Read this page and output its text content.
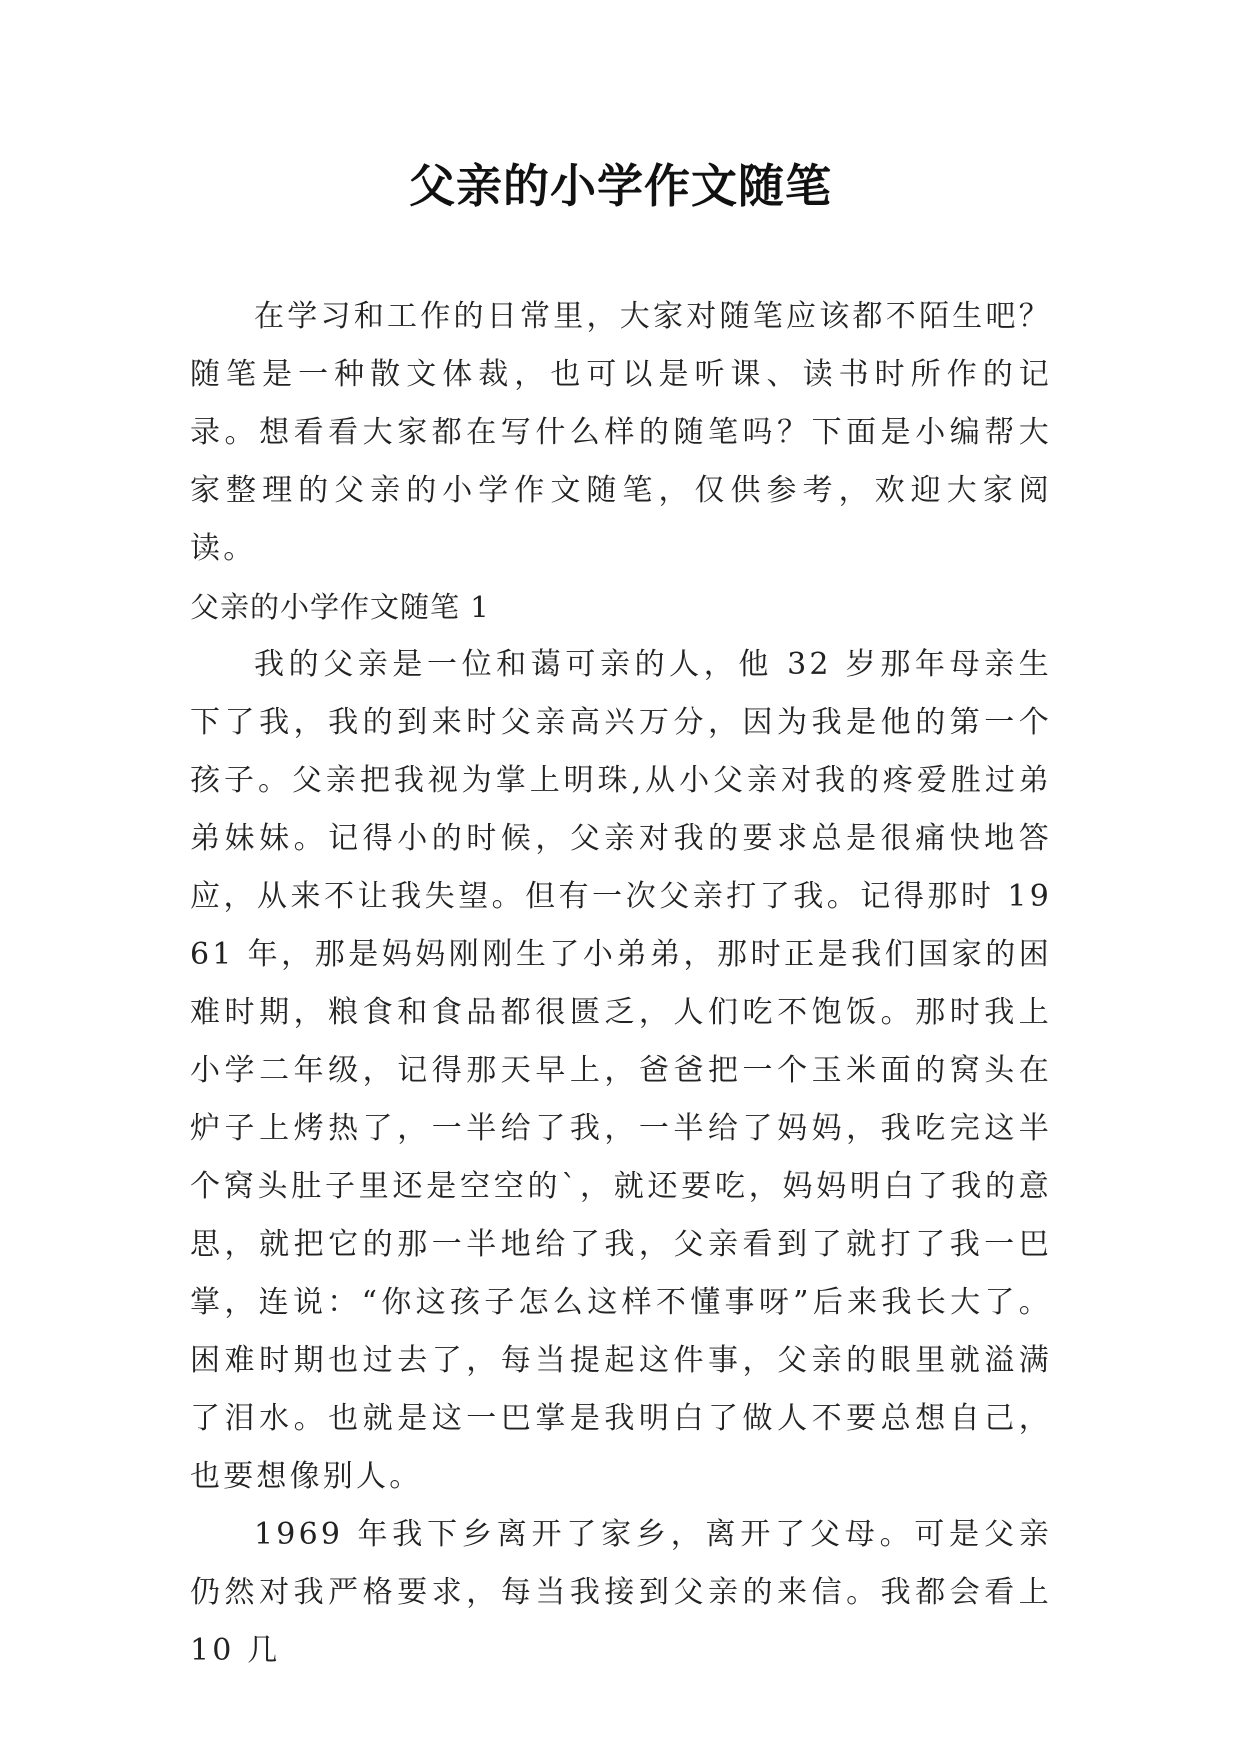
父亲的小学作文随笔

在学习和工作的日常里，大家对随笔应该都不陌生吧？随笔是一种散文体裁，也可以是听课、读书时所作的记录。想看看大家都在写什么样的随笔吗？下面是小编帮大家整理的父亲的小学作文随笔，仅供参考，欢迎大家阅读。

父亲的小学作文随笔 1

我的父亲是一位和蔼可亲的人，他 32 岁那年母亲生下了我，我的到来时父亲高兴万分，因为我是他的第一个孩子。父亲把我视为掌上明珠,从小父亲对我的疼爱胜过弟弟妹妹。记得小的时候，父亲对我的要求总是很痛快地答应，从来不让我失望。但有一次父亲打了我。记得那时 1961 年，那是妈妈刚刚生了小弟弟，那时正是我们国家的困难时期，粮食和食品都很匮乏，人们吃不饱饭。那时我上小学二年级，记得那天早上，爸爸把一个玉米面的窝头在炉子上烤热了，一半给了我，一半给了妈妈，我吃完这半个窝头肚子里还是空空的`，就还要吃，妈妈明白了我的意思，就把它的那一半地给了我，父亲看到了就打了我一巴掌，连说：“你这孩子怎么这样不懂事呀”后来我长大了。困难时期也过去了，每当提起这件事，父亲的眼里就溢满了泪水。也就是这一巴掌是我明白了做人不要总想自己，也要想像别人。

1969 年我下乡离开了家乡，离开了父母。可是父亲仍然对我严格要求，每当我接到父亲的来信。我都会看上 10 几
